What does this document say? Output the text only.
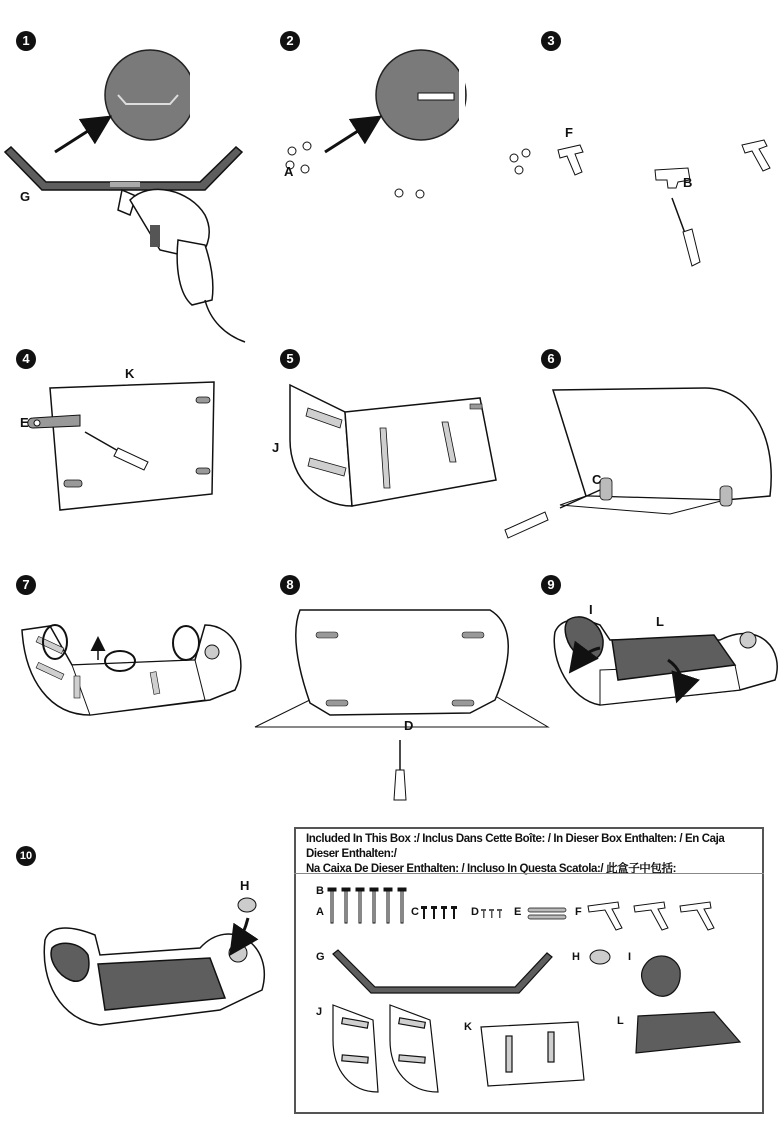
1	2	3
4	5	6
7	8	9
10
G
A
F
B
K
E
J
C
D
I
L
H
Included In This Box :/ Inclus Dans Cette Boîte: / In Dieser Box Enthalten: / En Caja Dieser Enthalten:/
Na Caixa De Dieser Enthalten: / Incluso In Questa Scatola:/ 此盒子中包括:
B
A	C	D	E	F
G	H	I
J
K	L
